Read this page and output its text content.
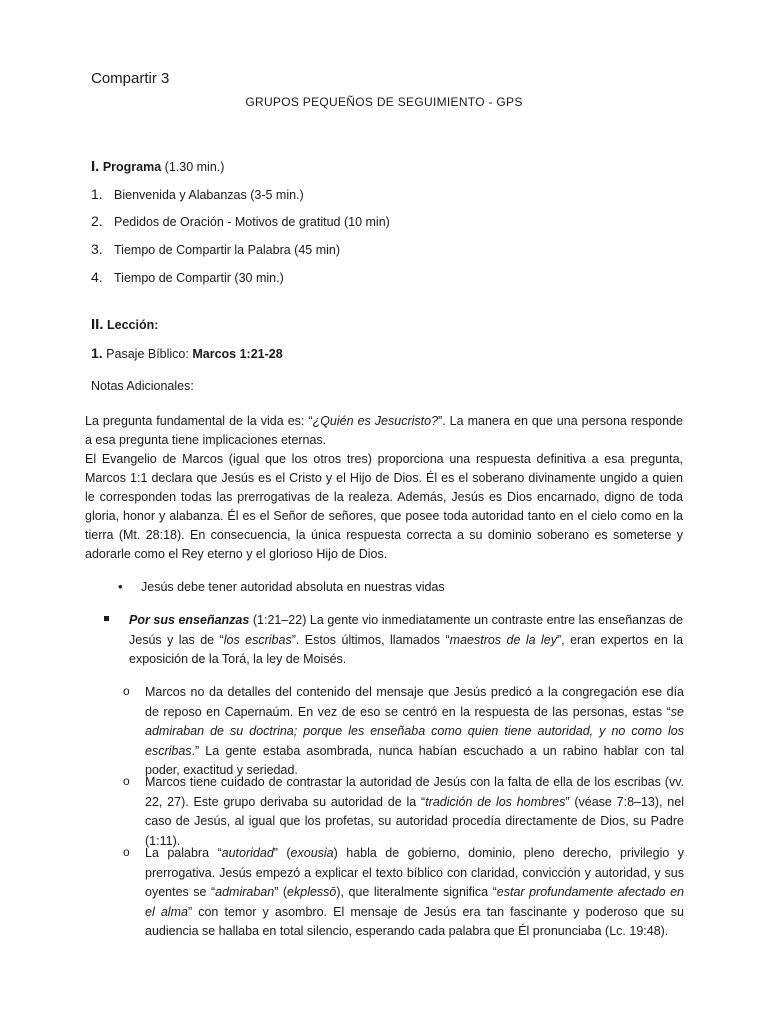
Compartir 3
GRUPOS PEQUEÑOS DE SEGUIMIENTO - GPS
I. Programa (1.30 min.)
1. Bienvenida y Alabanzas (3-5 min.)
2. Pedidos de Oración - Motivos de gratitud (10 min)
3. Tiempo de Compartir la Palabra (45 min)
4. Tiempo de Compartir (30 min.)
II. Lección:
1. Pasaje Bíblico: Marcos 1:21-28
Notas Adicionales:

La pregunta fundamental de la vida es: “¿Quién es Jesucristo?”. La manera en que una persona responde a esa pregunta tiene implicaciones eternas.

El Evangelio de Marcos (igual que los otros tres) proporciona una respuesta definitiva a esa pregunta, Marcos 1:1 declara que Jesús es el Cristo y el Hijo de Dios. Él es el soberano divinamente ungido a quien le corresponden todas las prerrogativas de la realeza. Además, Jesús es Dios encarnado, digno de toda gloria, honor y alabanza. Él es el Señor de señores, que posee toda autoridad tanto en el cielo como en la tierra (Mt. 28:18). En consecuencia, la única respuesta correcta a su dominio soberano es someterse y adorarle como el Rey eterno y el glorioso Hijo de Dios.

• Jesús debe tener autoridad absoluta en nuestras vidas
Por sus enseñanzas (1:21–22) La gente vio inmediatamente un contraste entre las enseñanzas de Jesús y las de “los escribas”. Estos últimos, llamados “maestros de la ley”, eran expertos en la exposición de la Torá, la ley de Moisés.
o Marcos no da detalles del contenido del mensaje que Jesús predicó a la congregación ese día de reposo en Capernaúm. En vez de eso se centró en la respuesta de las personas, estas “se admiraban de su doctrina; porque les enseñaba como quien tiene autoridad, y no como los escribas.” La gente estaba asombrada, nunca habían escuchado a un rabino hablar con tal poder, exactitud y seriedad.
o Marcos tiene cuidado de contrastar la autoridad de Jesús con la falta de ella de los escribas (vv. 22, 27). Este grupo derivaba su autoridad de la “tradición de los hombres” (véase 7:8–13), nel caso de Jesús, al igual que los profetas, su autoridad procedía directamente de Dios, su Padre (1:11).
o La palabra “autoridad” (exousia) habla de gobierno, dominio, pleno derecho, privilegio y prerrogativa. Jesús empezó a explicar el texto bíblico con claridad, convicción y autoridad, y sus oyentes se “admiraban” (ekplessō), que literalmente significa “estar profundamente afectado en el alma” con temor y asombro. El mensaje de Jesús era tan fascinante y poderoso que su audiencia se hallaba en total silencio, esperando cada palabra que Él pronunciaba (Lc. 19:48).
